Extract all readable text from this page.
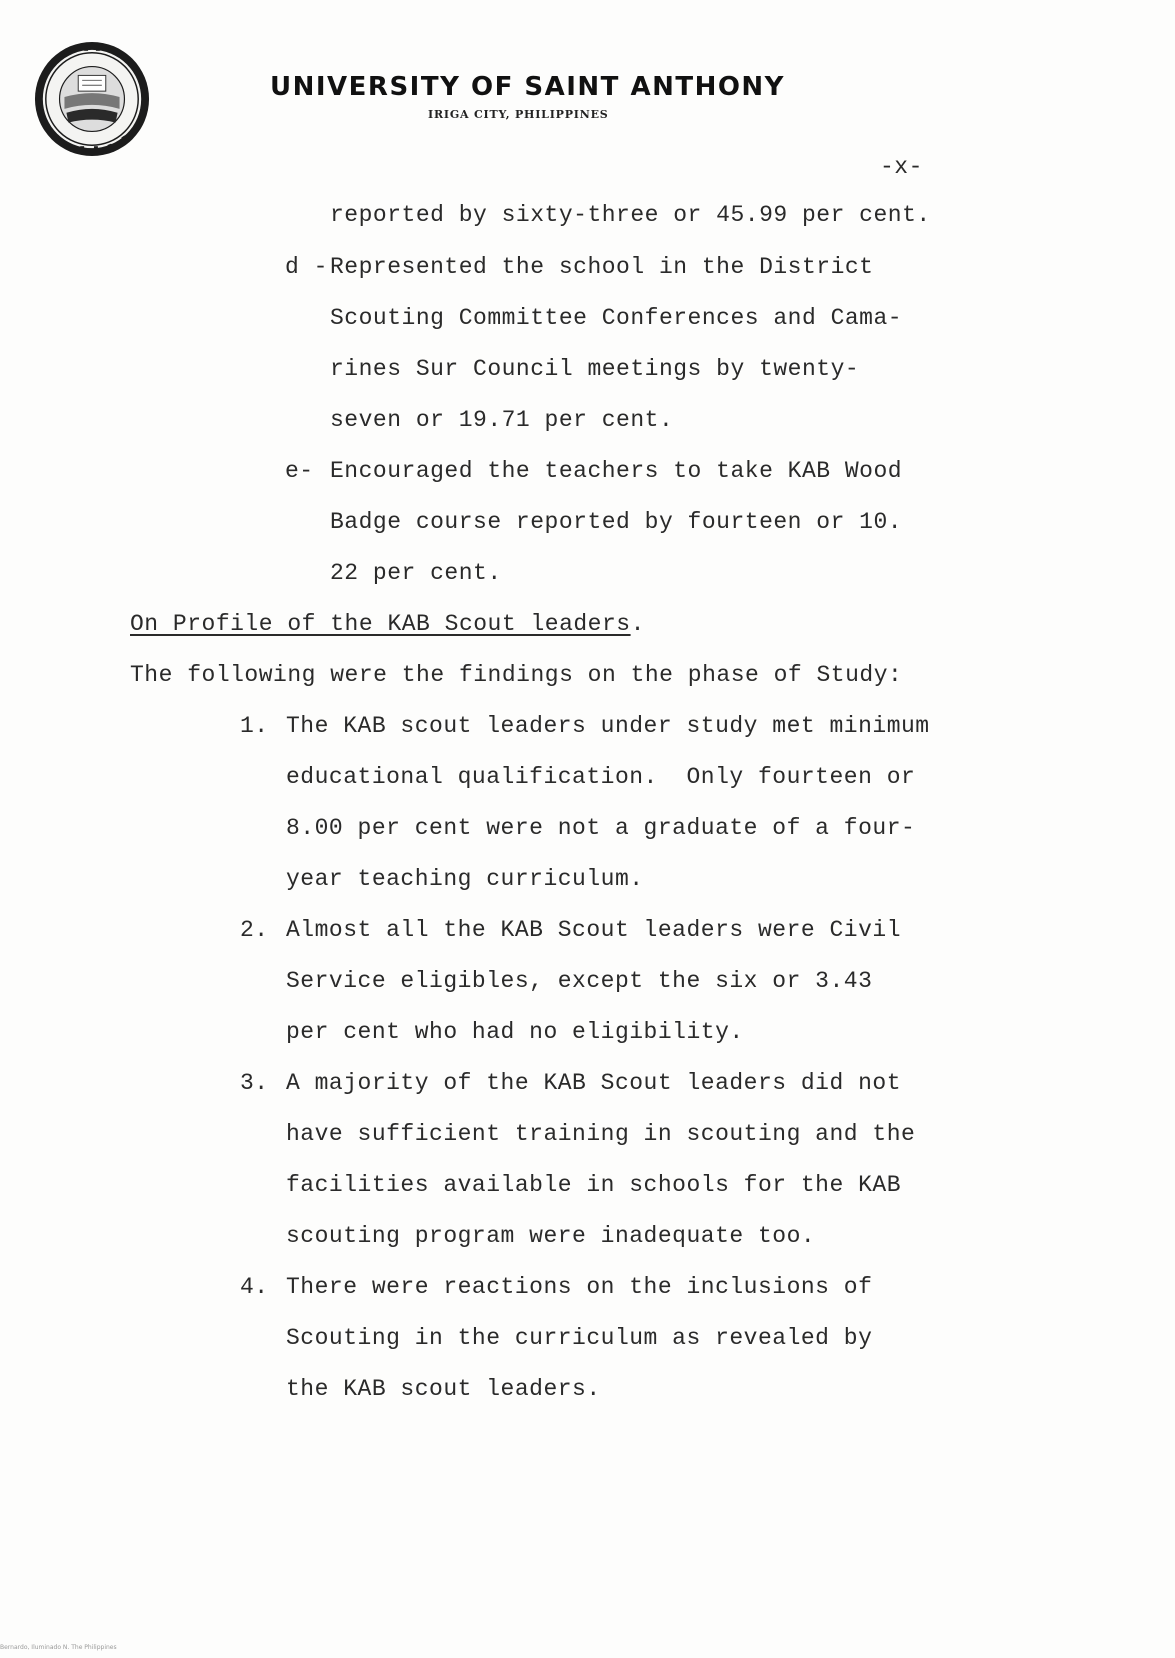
UNIVERSITY OF SAINT ANTHONY
IRIGA CITY, PHILIPPINES
-x-
reported by sixty-three or 45.99 per cent.
d - Represented the school in the District
Scouting Committee Conferences and Cama-
rines Sur Council meetings by twenty-
seven or 19.71 per cent.
e- Encouraged the teachers to take KAB Wood
Badge course reported by fourteen or 10.
22 per cent.
On Profile of the KAB Scout leaders.
The following were the findings on the phase of Study:
1. The KAB scout leaders under study met minimum
educational qualification.  Only fourteen or
8.00 per cent were not a graduate of a four-
year teaching curriculum.
2. Almost all the KAB Scout leaders were Civil
Service eligibles, except the six or 3.43
per cent who had no eligibility.
3. A majority of the KAB Scout leaders did not
have sufficient training in scouting and the
facilities available in schools for the KAB
scouting program were inadequate too.
4. There were reactions on the inclusions of
Scouting in the curriculum as revealed by
the KAB scout leaders.
Bernardo, Iluminado N. The Philippines
